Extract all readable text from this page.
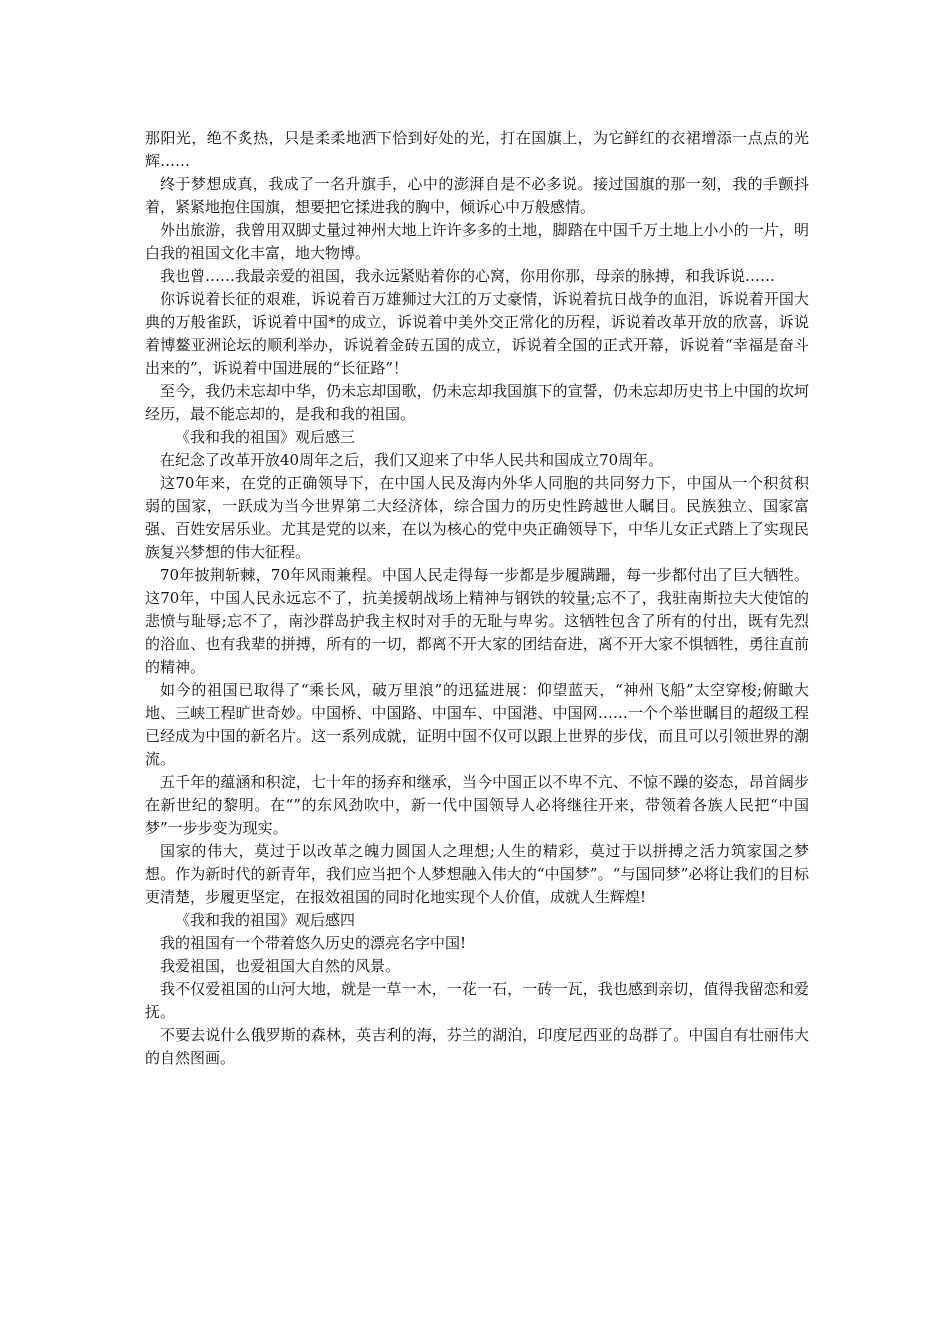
那阳光，绝不炙热，只是柔柔地洒下恰到好处的光，打在国旗上，为它鲜红的衣裙增添一点点的光辉……

终于梦想成真，我成了一名升旗手，心中的澎湃自是不必多说。接过国旗的那一刻，我的手颤抖着，紧紧地抱住国旗，想要把它揉进我的胸中，倾诉心中万般感情。

外出旅游，我曾用双脚丈量过神州大地上许许多多的土地，脚踏在中国千万土地上小小的一片，明白我的祖国文化丰富，地大物博。

我也曾……我最亲爱的祖国，我永远紧贴着你的心窝，你用你那，母亲的脉搏，和我诉说……

你诉说着长征的艰难，诉说着百万雄狮过大江的万丈豪情，诉说着抗日战争的血泪，诉说着开国大典的万般雀跃，诉说着中国*的成立，诉说着中美外交正常化的历程，诉说着改革开放的欣喜，诉说着博鳌亚洲论坛的顺利举办，诉说着金砖五国的成立，诉说着全国的正式开幕，诉说着“幸福是奋斗出来的”，诉说着中国进展的“长征路”！

至今，我仍未忘却中华，仍未忘却国歌，仍未忘却我国旗下的宣誓，仍未忘却历史书上中国的坎坷经历，最不能忘却的，是我和我的祖国。

《我和我的祖国》观后感三

在纪念了改革开放40周年之后，我们又迎来了中华人民共和国成立70周年。

这70年来，在党的正确领导下，在中国人民及海内外华人同胞的共同努力下，中国从一个积贫积弱的国家，一跃成为当今世界第二大经济体，综合国力的历史性跨越世人瞩目。民族独立、国家富强、百姓安居乐业。尤其是党的以来，在以为核心的党中央正确领导下，中华儿女正式踏上了实现民族复兴梦想的伟大征程。

70年披荆斩棘，70年风雨兼程。中国人民走得每一步都是步履蹒跚，每一步都付出了巨大牺牲。这70年，中国人民永远忘不了，抗美援朝战场上精神与钢铁的较量;忘不了，我驻南斯拉夫大使馆的悲愤与耻辱;忘不了，南沙群岛护我主权时对手的无耻与卑劣。这牺牲包含了所有的付出，既有先烈的浴血、也有我辈的拼搏，所有的一切，都离不开大家的团结奋进，离不开大家不惧牺牲，勇往直前的精神。

如今的祖国已取得了“乘长风，破万里浪”的迅猛进展：仰望蓝天，“神州飞船”太空穿梭;俯瞰大地、三峡工程旷世奇妙。中国桥、中国路、中国车、中国港、中国网……一个个举世瞩目的超级工程已经成为中国的新名片。这一系列成就，证明中国不仅可以跟上世界的步伐，而且可以引领世界的潮流。

五千年的蕴涵和积淀，七十年的扬弃和继承，当今中国正以不卑不亢、不惊不躁的姿态，昂首阔步在新世纪的黎明。在“”的东风劲吹中，新一代中国领导人必将继往开来，带领着各族人民把“中国梦”一步步变为现实。

国家的伟大，莫过于以改革之魄力圆国人之理想;人生的精彩，莫过于以拼搏之活力筑家国之梦想。作为新时代的新青年，我们应当把个人梦想融入伟大的“中国梦”。“与国同梦”必将让我们的目标更清楚，步履更坚定，在报效祖国的同时化地实现个人价值，成就人生辉煌!

《我和我的祖国》观后感四

我的祖国有一个带着悠久历史的漂亮名字中国!

我爱祖国，也爱祖国大自然的风景。

我不仅爱祖国的山河大地，就是一草一木，一花一石，一砖一瓦，我也感到亲切，值得我留恋和爱抚。

不要去说什么俄罗斯的森林，英吉利的海，芬兰的湖泊，印度尼西亚的岛群了。中国自有壮丽伟大的自然图画。
